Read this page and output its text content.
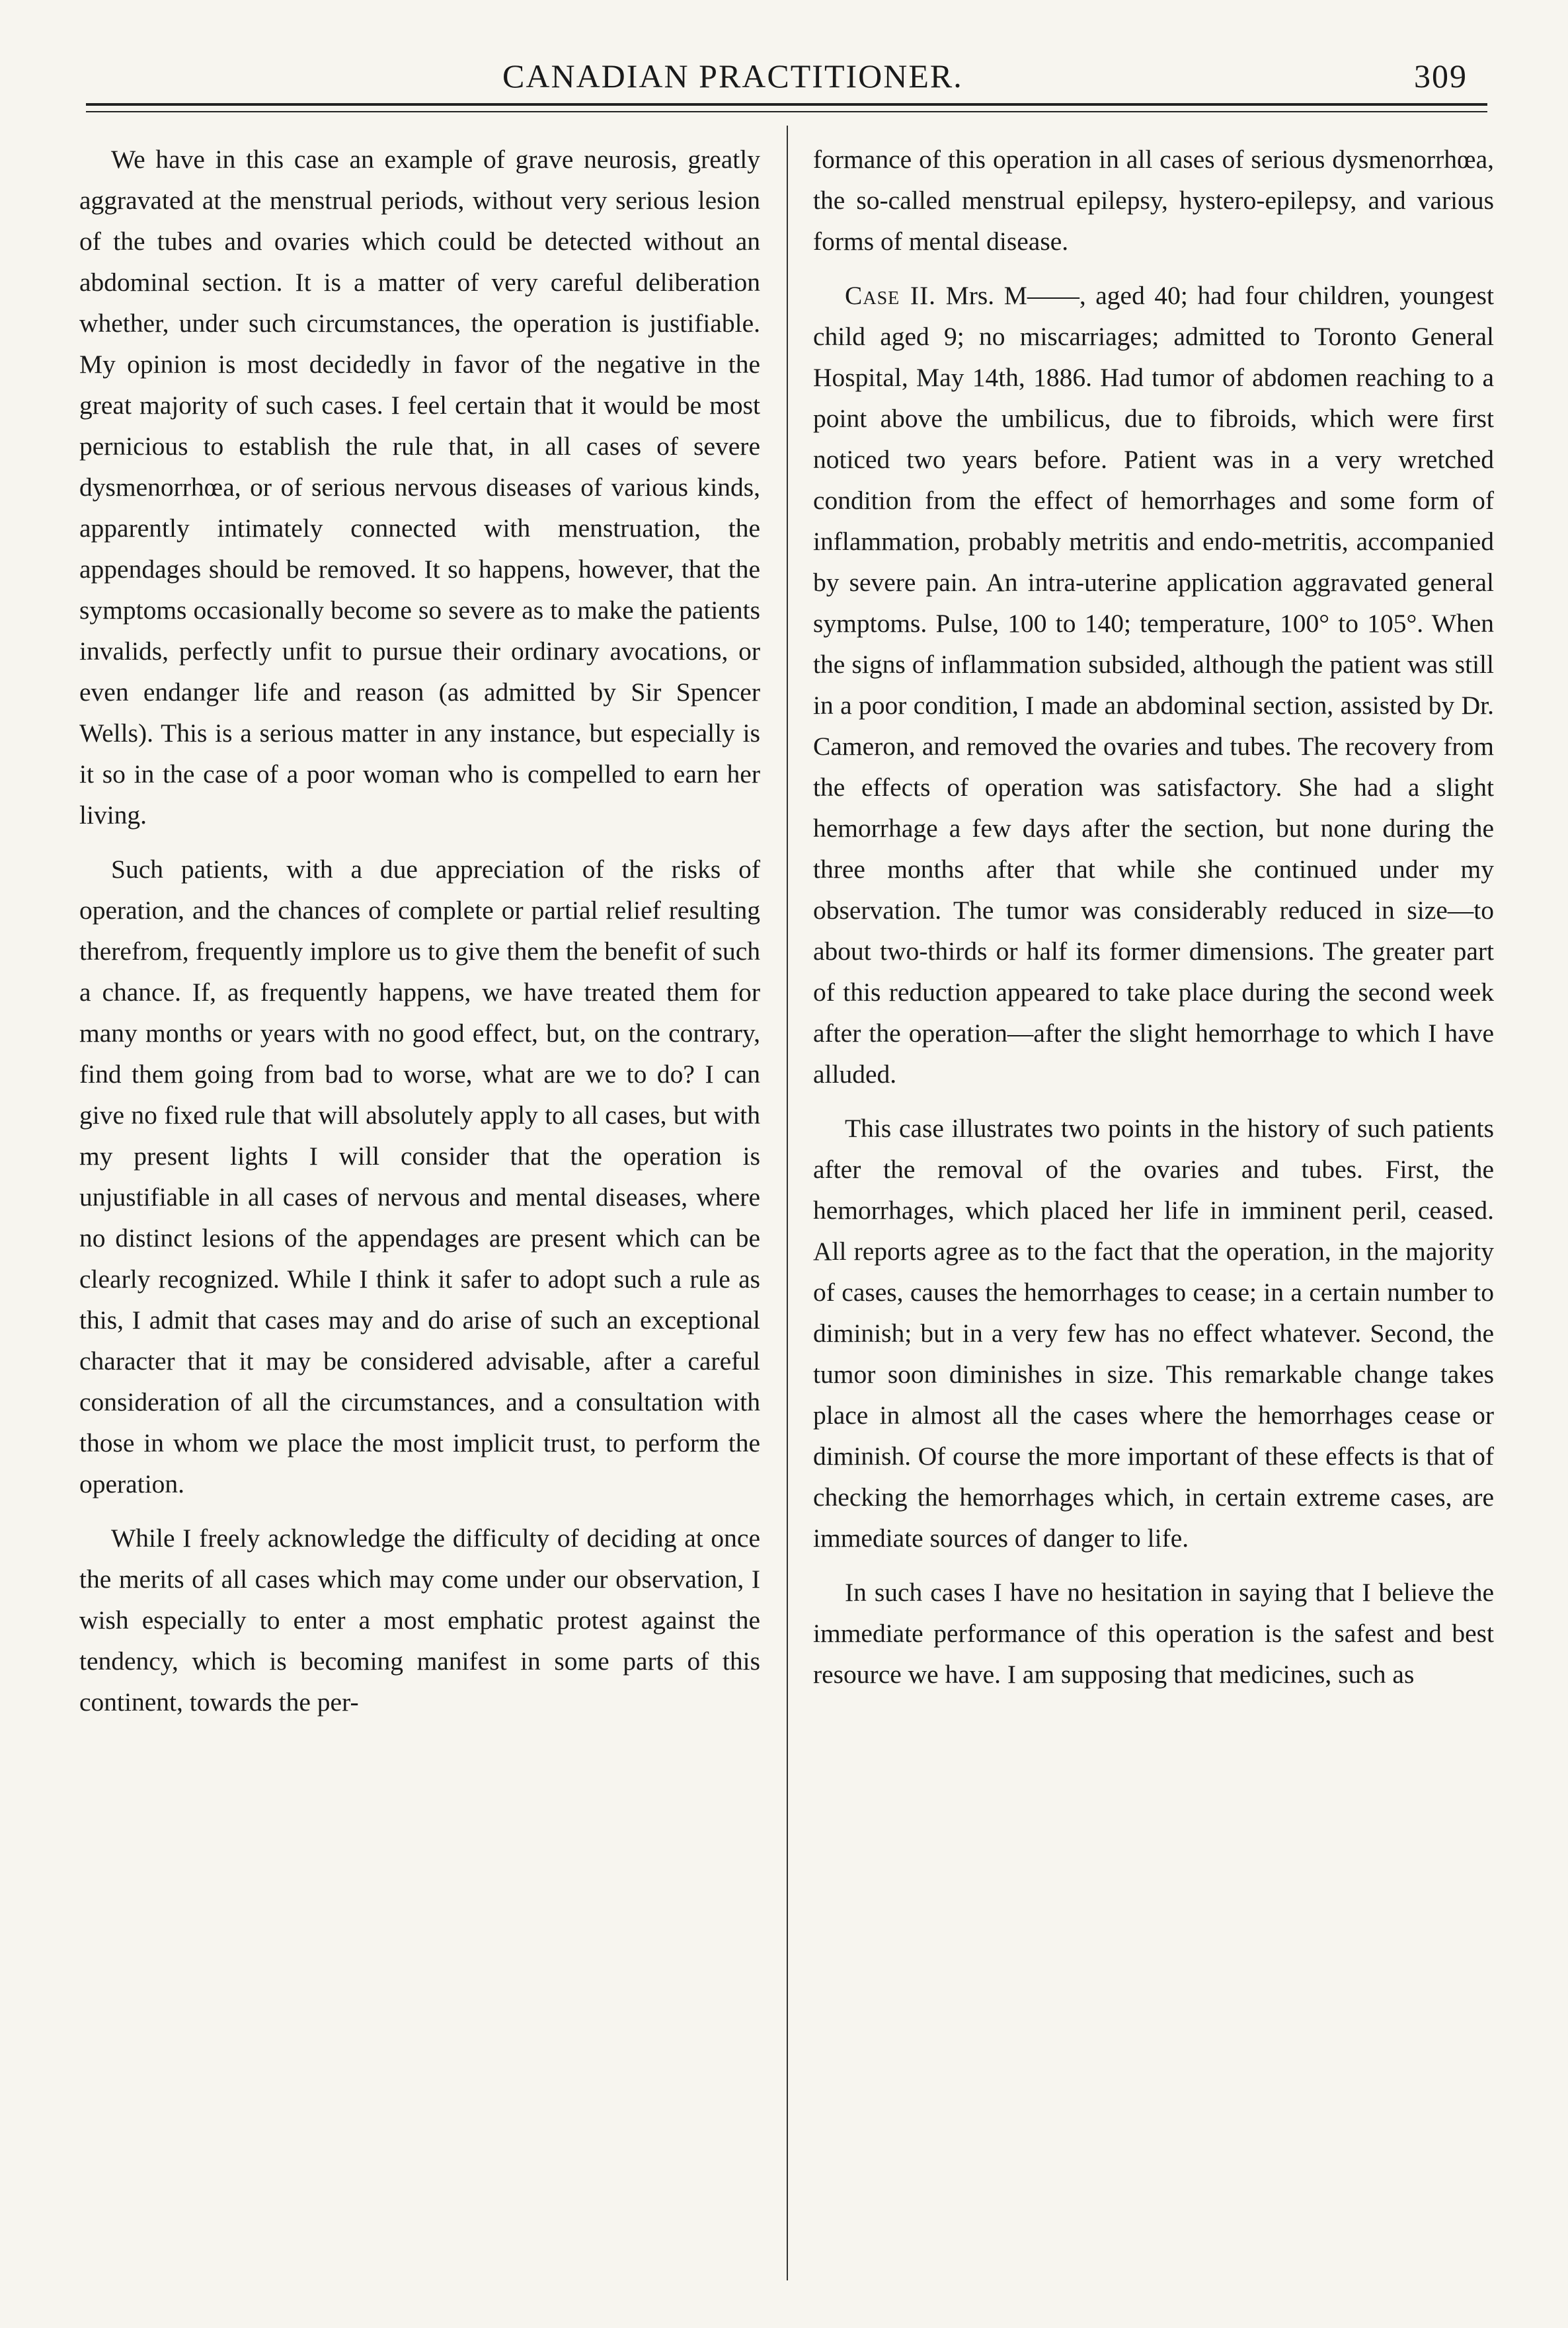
CANADIAN PRACTITIONER.	309

We have in this case an example of grave neurosis, greatly aggravated at the menstrual periods, without very serious lesion of the tubes and ovaries which could be detected without an abdominal section. It is a matter of very careful deliberation whether, under such circumstances, the operation is justifiable. My opinion is most decidedly in favor of the negative in the great majority of such cases. I feel certain that it would be most pernicious to establish the rule that, in all cases of severe dysmenorrhœa, or of serious nervous diseases of various kinds, apparently intimately connected with menstruation, the appendages should be removed. It so happens, however, that the symptoms occasionally become so severe as to make the patients invalids, perfectly unfit to pursue their ordinary avocations, or even endanger life and reason (as admitted by Sir Spencer Wells). This is a serious matter in any instance, but especially is it so in the case of a poor woman who is compelled to earn her living.

Such patients, with a due appreciation of the risks of operation, and the chances of complete or partial relief resulting therefrom, frequently implore us to give them the benefit of such a chance. If, as frequently happens, we have treated them for many months or years with no good effect, but, on the contrary, find them going from bad to worse, what are we to do? I can give no fixed rule that will absolutely apply to all cases, but with my present lights I will consider that the operation is unjustifiable in all cases of nervous and mental diseases, where no distinct lesions of the appendages are present which can be clearly recognized. While I think it safer to adopt such a rule as this, I admit that cases may and do arise of such an exceptional character that it may be considered advisable, after a careful consideration of all the circumstances, and a consultation with those in whom we place the most implicit trust, to perform the operation.

While I freely acknowledge the difficulty of deciding at once the merits of all cases which may come under our observation, I wish especially to enter a most emphatic protest against the tendency, which is becoming manifest in some parts of this continent, towards the per-

formance of this operation in all cases of serious dysmenorrhœa, the so-called menstrual epilepsy, hystero-epilepsy, and various forms of mental disease.

Case II. Mrs. M——, aged 40; had four children, youngest child aged 9; no miscarriages; admitted to Toronto General Hospital, May 14th, 1886. Had tumor of abdomen reaching to a point above the umbilicus, due to fibroids, which were first noticed two years before. Patient was in a very wretched condition from the effect of hemorrhages and some form of inflammation, probably metritis and endo-metritis, accompanied by severe pain. An intra-uterine application aggravated general symptoms. Pulse, 100 to 140; temperature, 100° to 105°. When the signs of inflammation subsided, although the patient was still in a poor condition, I made an abdominal section, assisted by Dr. Cameron, and removed the ovaries and tubes. The recovery from the effects of operation was satisfactory. She had a slight hemorrhage a few days after the section, but none during the three months after that while she continued under my observation. The tumor was considerably reduced in size—to about two-thirds or half its former dimensions. The greater part of this reduction appeared to take place during the second week after the operation—after the slight hemorrhage to which I have alluded.

This case illustrates two points in the history of such patients after the removal of the ovaries and tubes. First, the hemorrhages, which placed her life in imminent peril, ceased. All reports agree as to the fact that the operation, in the majority of cases, causes the hemorrhages to cease; in a certain number to diminish; but in a very few has no effect whatever. Second, the tumor soon diminishes in size. This remarkable change takes place in almost all the cases where the hemorrhages cease or diminish. Of course the more important of these effects is that of checking the hemorrhages which, in certain extreme cases, are immediate sources of danger to life.

In such cases I have no hesitation in saying that I believe the immediate performance of this operation is the safest and best resource we have. I am supposing that medicines, such as
